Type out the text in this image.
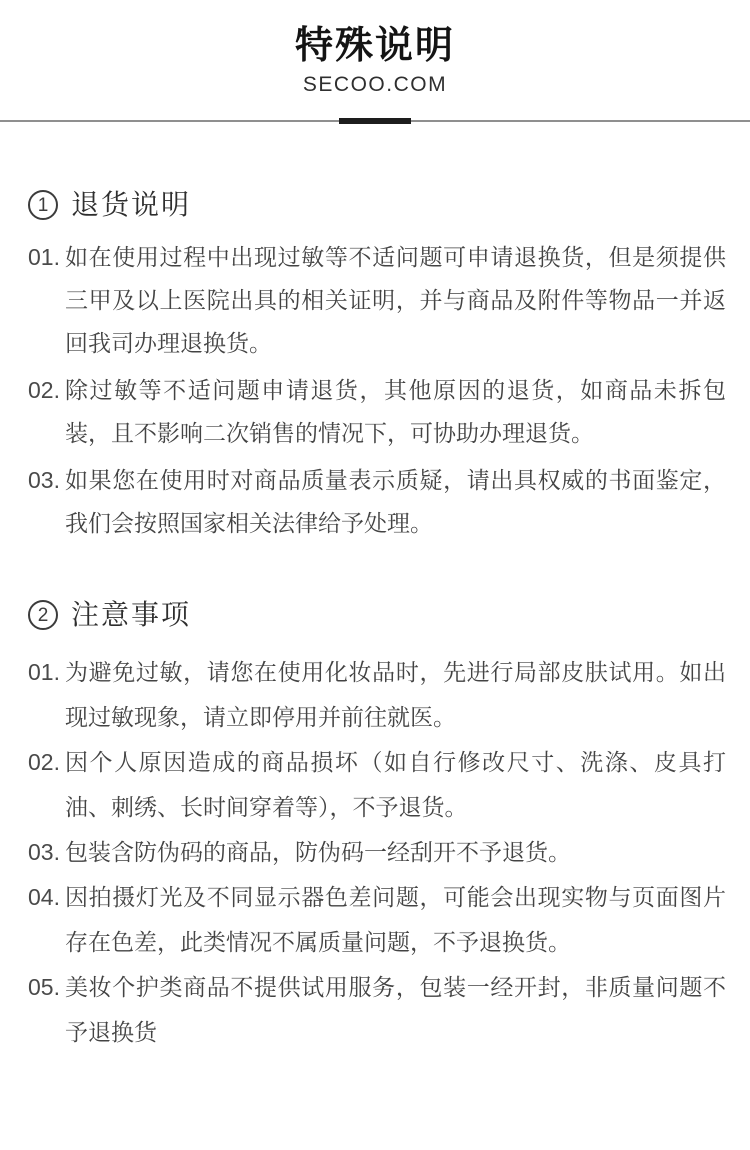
特殊说明
SECOO.COM
1 退货说明
01. 如在使用过程中出现过敏等不适问题可申请退换货，但是须提供三甲及以上医院出具的相关证明，并与商品及附件等物品一并返回我司办理退换货。
02. 除过敏等不适问题申请退货，其他原因的退货，如商品未拆包装，且不影响二次销售的情况下，可协助办理退货。
03. 如果您在使用时对商品质量表示质疑，请出具权威的书面鉴定，我们会按照国家相关法律给予处理。
2 注意事项
01. 为避免过敏，请您在使用化妆品时，先进行局部皮肤试用。如出现过敏现象，请立即停用并前往就医。
02. 因个人原因造成的商品损坏（如自行修改尺寸、洗涤、皮具打油、刺绣、长时间穿着等），不予退货。
03. 包装含防伪码的商品，防伪码一经刮开不予退货。
04. 因拍摄灯光及不同显示器色差问题，可能会出现实物与页面图片存在色差，此类情况不属质量问题，不予退换货。
05. 美妆个护类商品不提供试用服务，包装一经开封，非质量问题不予退换货
